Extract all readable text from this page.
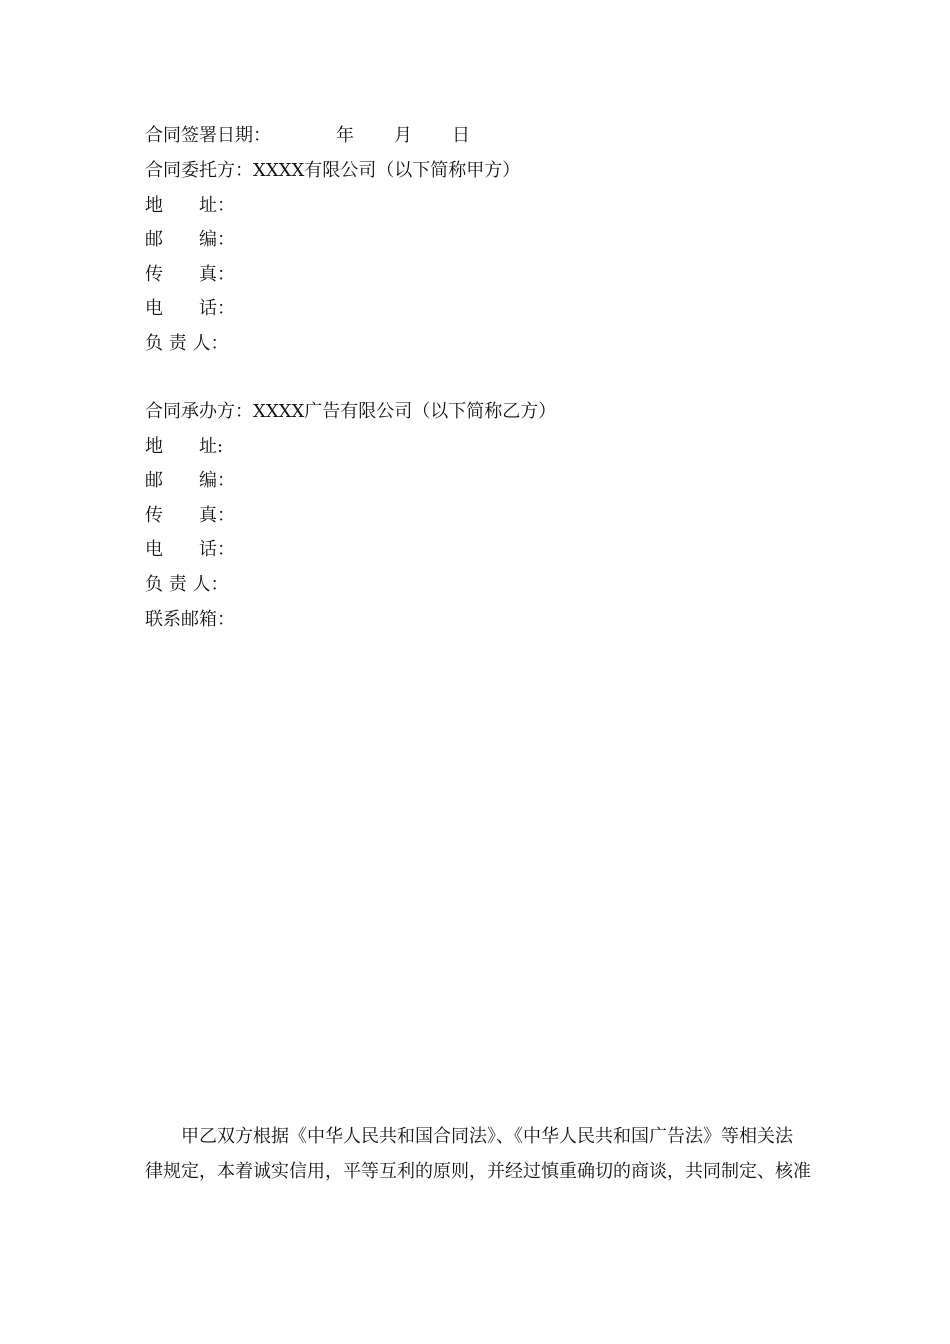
合同签署日期：	年 月 日
合同委托方：XXXX有限公司（以下简称甲方）
地　　址：
邮　　编：
传　　真：
电　　话：
负 责 人：
合同承办方：XXXX广告有限公司（以下简称乙方）
地　　址:
邮　　编：
传　　真：
电　　话：
负 责 人：
联系邮箱：
　　甲乙双方根据《中华人民共和国合同法》、《中华人民共和国广告法》等相关法
律规定，本着诚实信用，平等互利的原则，并经过慎重确切的商谈，共同制定、核准
